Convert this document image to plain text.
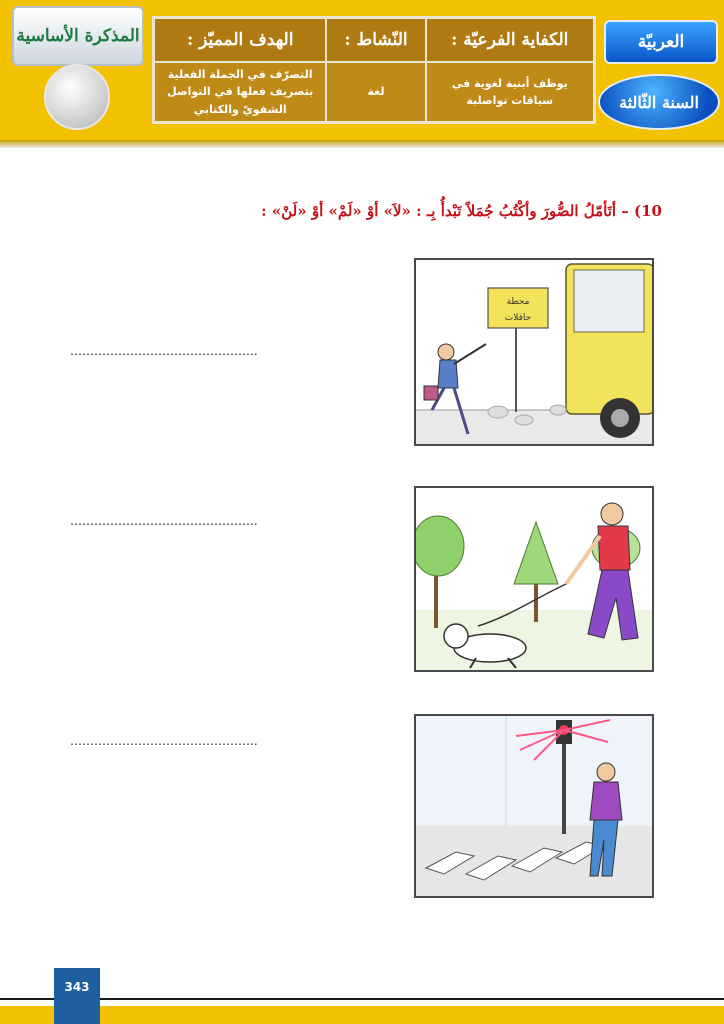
المذكرة الأساسية	الكفاية الفرعيّة :
يوظف أبنية لغوية في سياقات تواصلية
النّشاط :
لغة
الهدف المميّز :
التصرّف في الجملة الفعلية بتصريف فعلها في التواصل الشفويّ والكتابي
العربيّة
السنة الثّالثة
10) – أتَأمّلُ الصُّورَ وأكْتُبُ جُمَلاً تَبْدأُ بِـ : «لاَ» أوْ «لَمْ» أوْ «لَنْ» :
………………………………………..
محطة
حافلات
………………………………………..
………………………………………..
343
